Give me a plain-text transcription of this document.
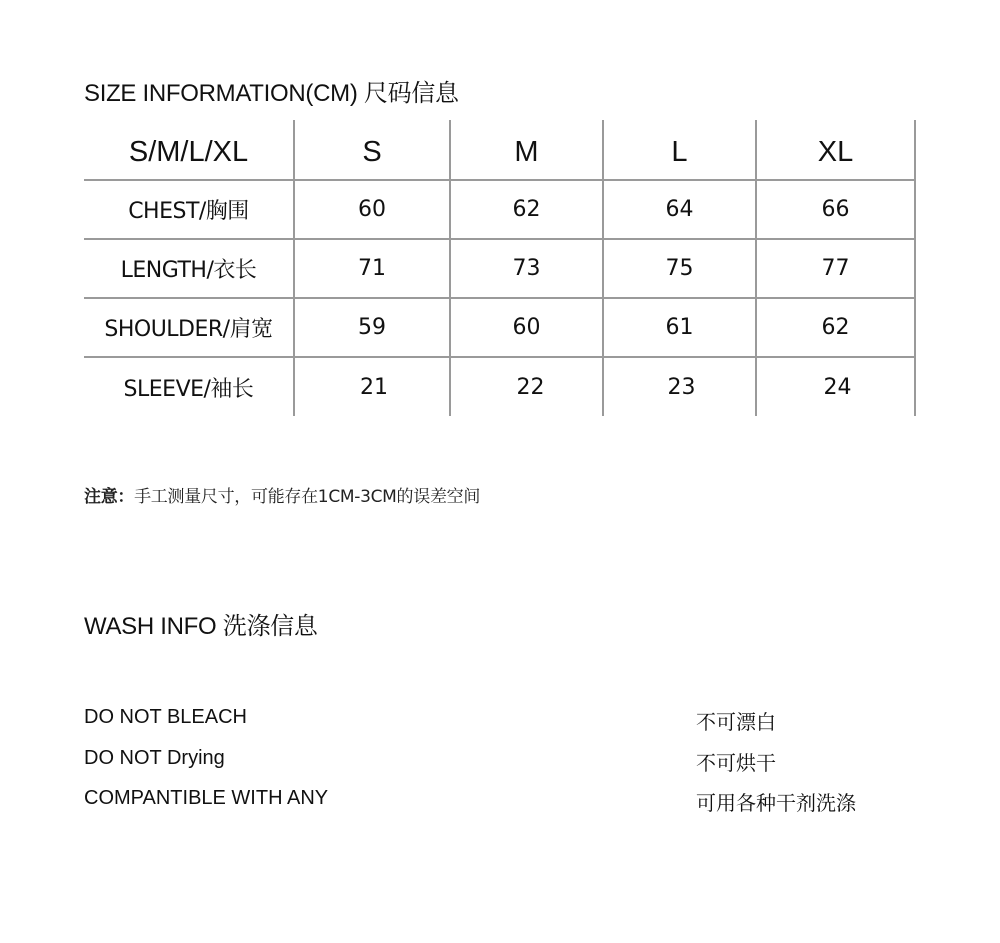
SIZE INFORMATION(CM) 尺码信息
S/M/L/XL	S	M	L	XL
CHEST/胸围	60	62	64	66
LENGTH/衣长	71	73	75	77
SHOULDER/肩宽	59	60	61	62
SLEEVE/袖长	21	22	23	24
注意：手工测量尺寸，可能存在1CM-3CM的误差空间
WASH INFO 洗涤信息
DO NOT BLEACH	不可漂白
DO NOT Drying	不可烘干
COMPANTIBLE WITH ANY	可用各种干剂洗涤
